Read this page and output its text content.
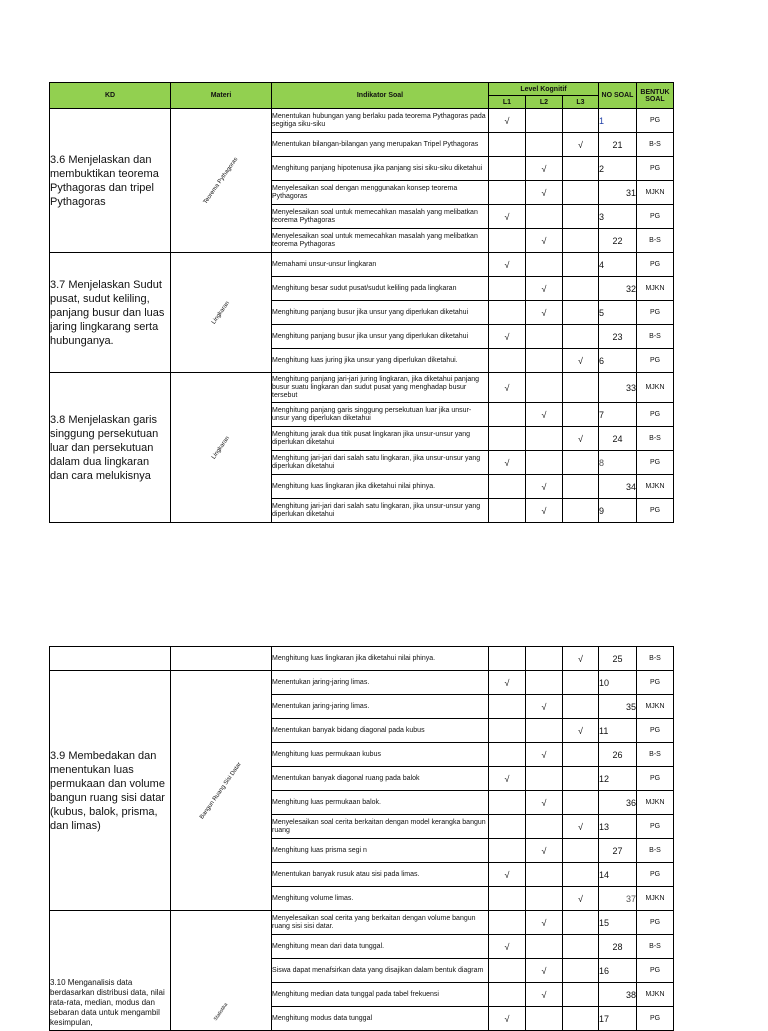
KD	Materi	Indikator Soal	Level Kognitif			NO SOAL	BENTUK SOAL
			L1	L2	L3		
3.6 Menjelaskan dan membuktikan teorema Pythagoras dan tripel Pythagoras	Teorema Pythagoras	Menentukan hubungan yang berlaku pada teorema Pythagoras pada segitiga siku-siku	√			1	PG
		Menentukan bilangan-bilangan yang merupakan Tripel Pythagoras			√	21	B-S
		Menghitung panjang hipotenusa jika panjang sisi siku-siku diketahui		√		2	PG
		Menyelesaikan soal dengan menggunakan konsep teorema Pythagoras		√		31	MJKN
		Menyelesaikan soal untuk memecahkan masalah yang melibatkan teorema Pythagoras	√			3	PG
		Menyelesaikan soal untuk memecahkan masalah yang melibatkan teorema Pythagoras		√		22	B-S
3.7 Menjelaskan Sudut pusat, sudut keliling, panjang busur dan luas jaring lingkarang serta hubunganya.	Lingkaran	Memahami unsur-unsur lingkaran	√			4	PG
		Menghitung besar sudut pusat/sudut keliling pada lingkaran		√		32	MJKN
		Menghitung panjang busur jika unsur yang diperlukan diketahui		√		5	PG
		Menghitung panjang busur jika unsur yang diperlukan diketahui	√			23	B-S
		Menghitung luas juring jika unsur yang diperlukan diketahui.			√	6	PG
3.8 Menjelaskan garis singgung persekutuan luar dan persekutuan dalam dua lingkaran dan cara melukisnya	Lingkaran	Menghitung panjang jari-jari juring lingkaran, jika diketahui panjang busur suatu lingkaran dan sudut pusat yang menghadap busur tersebut	√			33	MJKN
		Menghitung panjang garis singgung persekutuan luar jika unsur-unsur yang diperlukan diketahui		√		7	PG
		Menghitung jarak dua titik pusat lingkaran jika unsur-unsur yang diperlukan diketahui			√	24	B-S
		Menghitung jari-jari dari salah satu lingkaran, jika unsur-unsur yang diperlukan diketahui	√			8	PG
		Menghitung luas lingkaran jika diketahui nilai phinya.		√		34	MJKN
		Menghitung jari-jari dari salah satu lingkaran, jika unsur-unsur yang diperlukan diketahui		√		9	PG
		Menghitung luas lingkaran jika diketahui nilai phinya.			√	25	B-S
3.9 Membedakan dan menentukan luas permukaan dan volume bangun ruang sisi datar (kubus, balok, prisma, dan limas)	Bangun Ruang Sisi Datar	Menentukan jaring-jaring limas.	√			10	PG
		Menentukan jaring-jaring limas.		√		35	MJKN
		Menentukan banyak bidang diagonal pada kubus			√	11	PG
		Menghitung luas permukaan kubus		√		26	B-S
		Menentukan banyak diagonal ruang pada balok	√			12	PG
		Menghitung luas permukaan balok.		√		36	MJKN
		Menyelesaikan soal cerita berkaitan dengan model kerangka bangun ruang			√	13	PG
		Menghitung luas prisma segi n		√		27	B-S
		Menentukan banyak rusuk atau sisi pada limas.	√			14	PG
		Menghitung volume limas.			√	37	MJKN
3.10 Menganalisis data berdasarkan distribusi data, nilai rata-rata, median, modus dan sebaran data untuk mengambil kesimpulan,	Statistika	Menyelesaikan soal cerita yang berkaitan dengan volume bangun ruang sisi sisi datar.		√		15	PG
		Menghitung mean dari data tunggal.	√			28	B-S
		Siswa dapat menafsirkan data yang disajikan dalam bentuk diagram		√		16	PG
		Menghitung median data tunggal pada tabel frekuensi		√		38	MJKN
		Menghitung modus data tunggal	√			17	PG
